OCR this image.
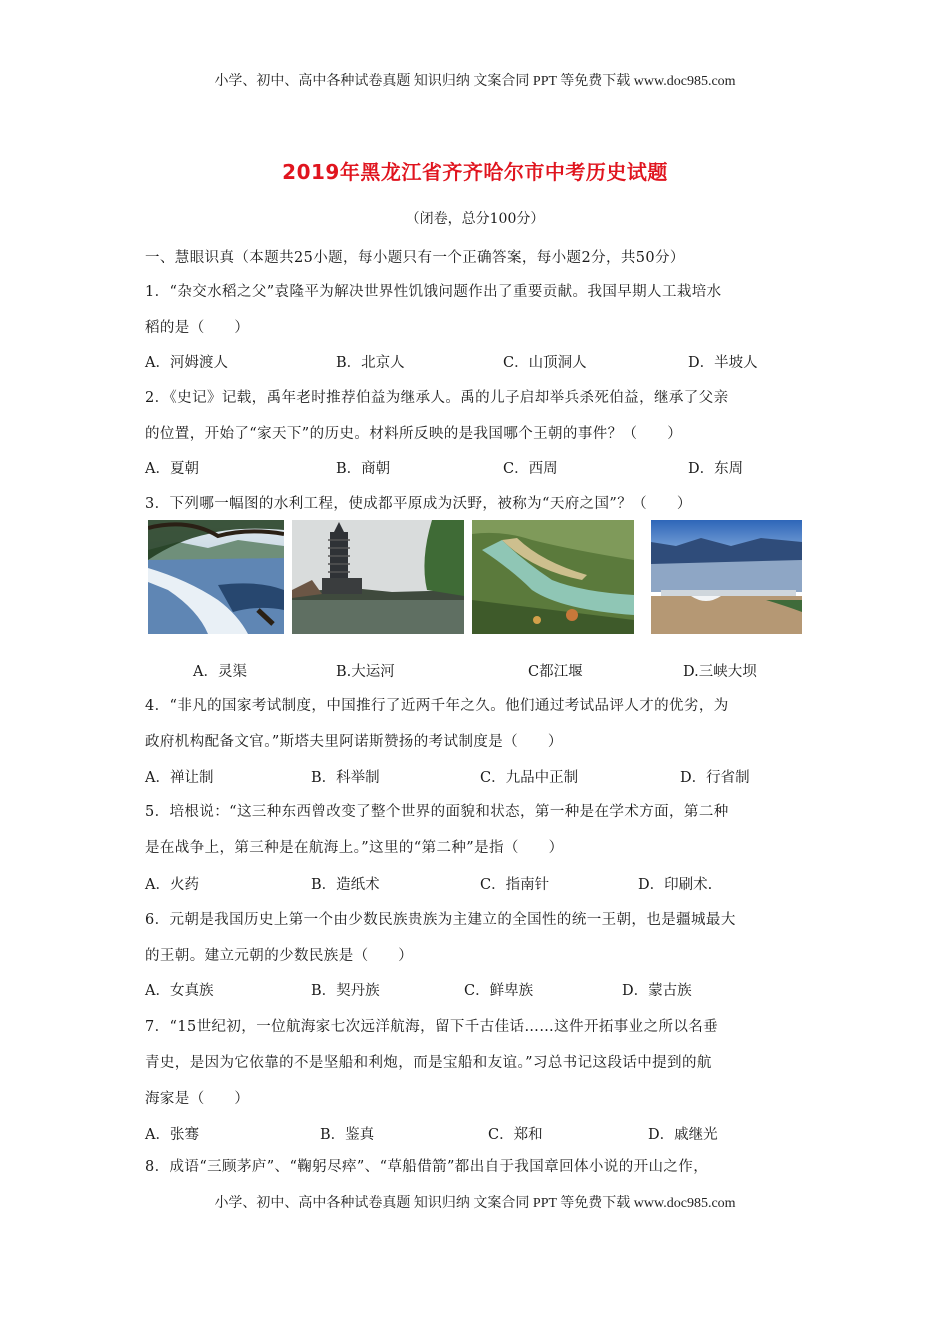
小学、初中、高中各种试卷真题 知识归纳 文案合同 PPT 等免费下载 www.doc985.com
2019年黑龙江省齐齐哈尔市中考历史试题
（闭卷，总分100分）
一、慧眼识真（本题共25小题，每小题只有一个正确答案，每小题2分，共50分）
1．“杂交水稻之父”袁隆平为解决世界性饥饿问题作出了重要贡献。我国早期人工栽培水
稻的是（　　）
A．河姆渡人	B．北京人	C．山顶洞人	D．半坡人
2．《史记》记载，禹年老时推荐伯益为继承人。禹的儿子启却举兵杀死伯益，继承了父亲
的位置，开始了“家天下”的历史。材料所反映的是我国哪个王朝的事件？（　　）
A．夏朝	B．商朝	C．西周	D．东周
3．下列哪一幅图的水利工程，使成都平原成为沃野，被称为“天府之国”？（　　）
A．灵渠	B.大运河	C都江堰	D.三峡大坝
4．“非凡的国家考试制度，中国推行了近两千年之久。他们通过考试品评人才的优劣，为
政府机构配备文官。”斯塔夫里阿诺斯赞扬的考试制度是（　　）
A．禅让制	B．科举制	C．九品中正制	D．行省制
5．培根说：“这三种东西曾改变了整个世界的面貌和状态，第一种是在学术方面，第二种
是在战争上，第三种是在航海上。”这里的“第二种”是指（　　）
A．火药	B．造纸术	C．指南针	D．印刷术.
6．元朝是我国历史上第一个由少数民族贵族为主建立的全国性的统一王朝，也是疆城最大
的王朝。建立元朝的少数民族是（　　）
A．女真族	B．契丹族	C．鲜卑族	D．蒙古族
7．“15世纪初，一位航海家七次远洋航海，留下千古佳话……这件开拓事业之所以名垂
青史，是因为它依靠的不是坚船和利炮，而是宝船和友谊。”习总书记这段话中提到的航
海家是（　　）
A．张骞	B．鉴真	C．郑和	D．戚继光
8．成语“三顾茅庐”、“鞠躬尽瘁”、“草船借箭”都出自于我国章回体小说的开山之作，
小学、初中、高中各种试卷真题 知识归纳 文案合同 PPT 等免费下载 www.doc985.com
